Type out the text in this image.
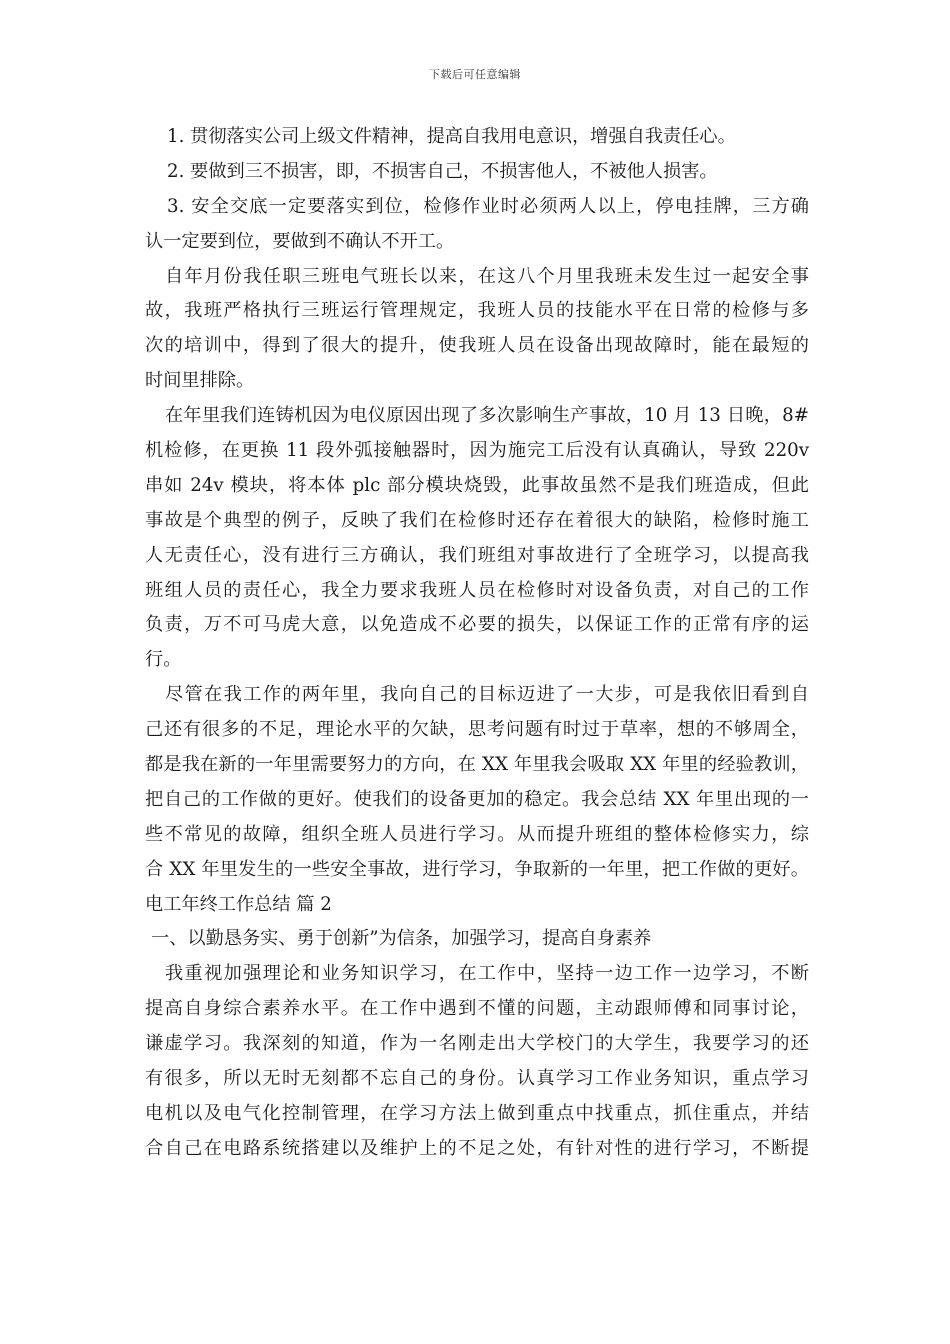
下载后可任意编辑
1. 贯彻落实公司上级文件精神，提高自我用电意识，增强自我责任心。
2. 要做到三不损害，即，不损害自己，不损害他人，不被他人损害。
3. 安全交底一定要落实到位，检修作业时必须两人以上，停电挂牌，三方确
认一定要到位，要做到不确认不开工。
自年月份我任职三班电气班长以来，在这八个月里我班未发生过一起安全事
故，我班严格执行三班运行管理规定，我班人员的技能水平在日常的检修与多
次的培训中，得到了很大的提升，使我班人员在设备出现故障时，能在最短的
时间里排除。
在年里我们连铸机因为电仪原因出现了多次影响生产事故，10 月 13 日晚，8#
机检修，在更换 11 段外弧接触器时，因为施完工后没有认真确认，导致 220v
串如 24v 模块，将本体 plc 部分模块烧毁，此事故虽然不是我们班造成，但此
事故是个典型的例子，反映了我们在检修时还存在着很大的缺陷，检修时施工
人无责任心，没有进行三方确认，我们班组对事故进行了全班学习，以提高我
班组人员的责任心，我全力要求我班人员在检修时对设备负责，对自己的工作
负责，万不可马虎大意，以免造成不必要的损失，以保证工作的正常有序的运
行。
尽管在我工作的两年里，我向自己的目标迈进了一大步，可是我依旧看到自
己还有很多的不足，理论水平的欠缺，思考问题有时过于草率，想的不够周全，
都是我在新的一年里需要努力的方向，在 XX 年里我会吸取 XX 年里的经验教训，
把自己的工作做的更好。使我们的设备更加的稳定。我会总结 XX 年里出现的一
些不常见的故障，组织全班人员进行学习。从而提升班组的整体检修实力，综
合 XX 年里发生的一些安全事故，进行学习，争取新的一年里，把工作做的更好。
电工年终工作总结 篇 2
一、以勤恳务实、勇于创新”为信条，加强学习，提高自身素养
我重视加强理论和业务知识学习，在工作中，坚持一边工作一边学习，不断
提高自身综合素养水平。在工作中遇到不懂的问题，主动跟师傅和同事讨论，
谦虚学习。我深刻的知道，作为一名刚走出大学校门的大学生，我要学习的还
有很多，所以无时无刻都不忘自己的身份。认真学习工作业务知识，重点学习
电机以及电气化控制管理，在学习方法上做到重点中找重点，抓住重点，并结
合自己在电路系统搭建以及维护上的不足之处，有针对性的进行学习，不断提
